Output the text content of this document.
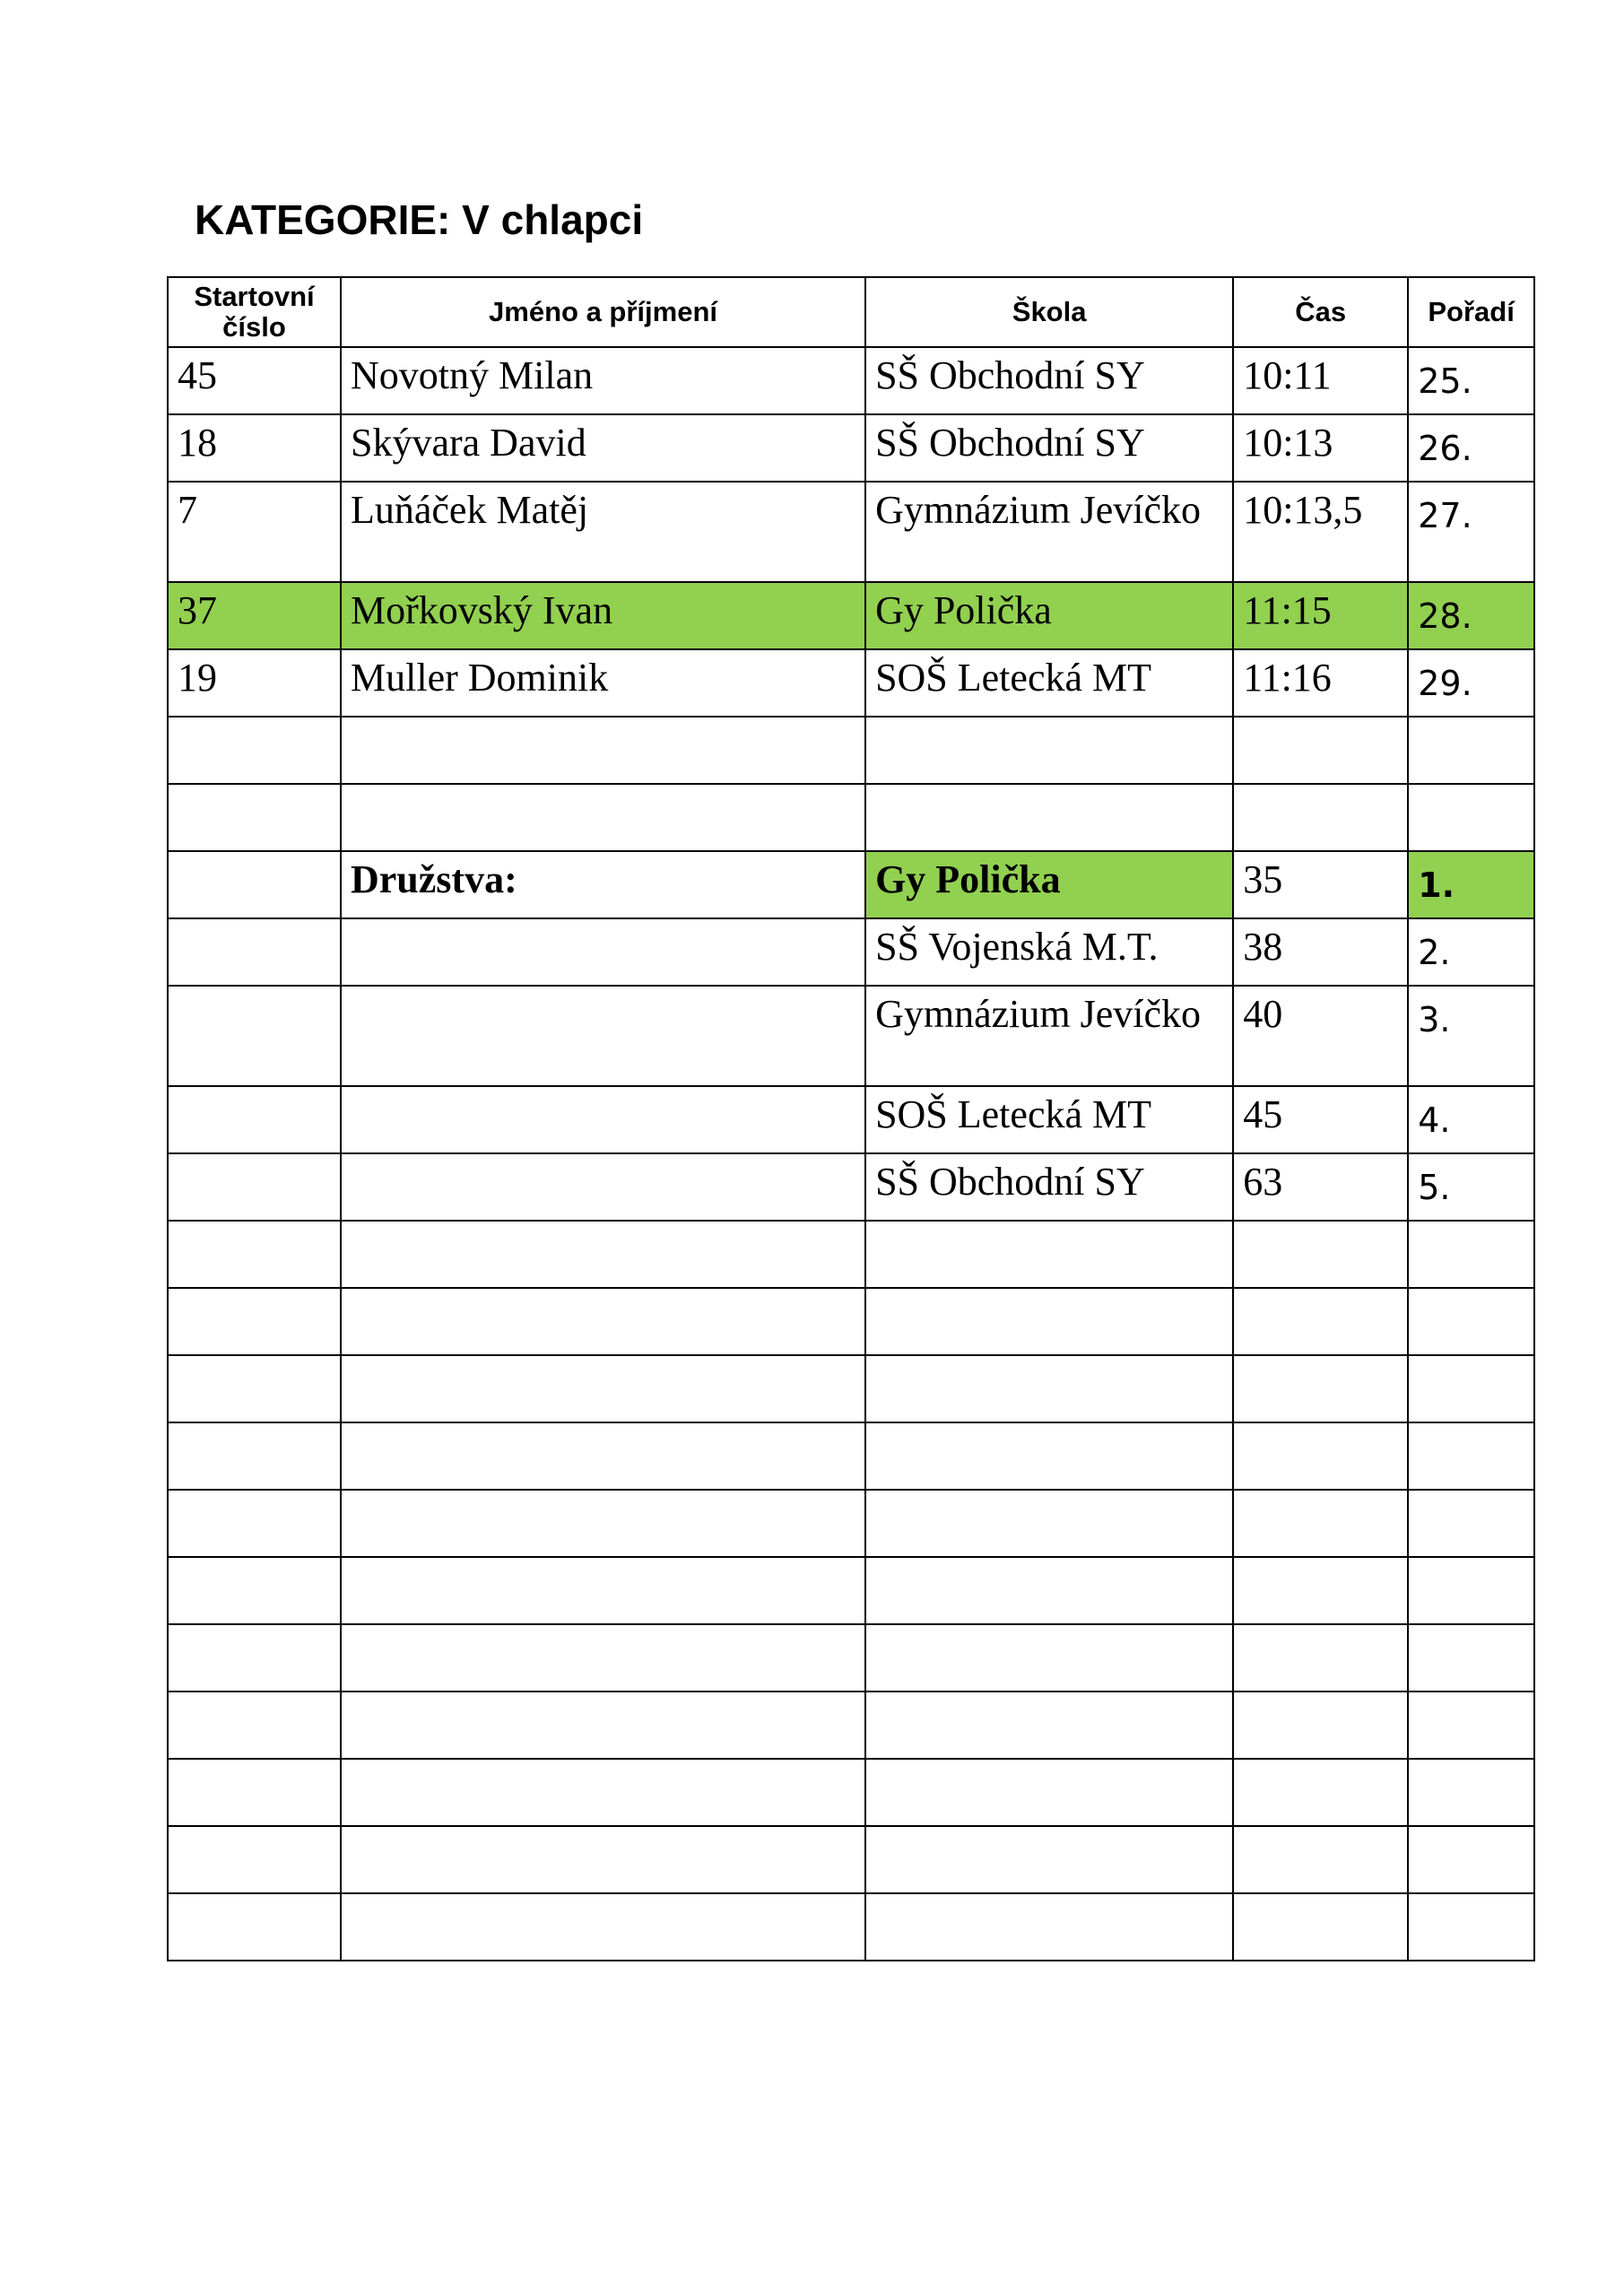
KATEGORIE: V chlapci
Startovní číslo	Jméno a příjmení	Škola	Čas	Pořadí

45	Novotný Milan	SŠ Obchodní SY	10:11	25.

18	Skývara David	SŠ Obchodní SY	10:13	26.

7	Luňáček Matěj	Gymnázium Jevíčko	10:13,5	27.

37	Mořkovský Ivan	Gy Polička	11:15	28.

19	Muller Dominik	SOŠ Letecká MT	11:16	29.

	Družstva:	Gy Polička	35	1.

		SŠ Vojenská M.T.	38	2.

		Gymnázium Jevíčko	40	3.

		SOŠ Letecká MT	45	4.

		SŠ Obchodní SY	63	5.
